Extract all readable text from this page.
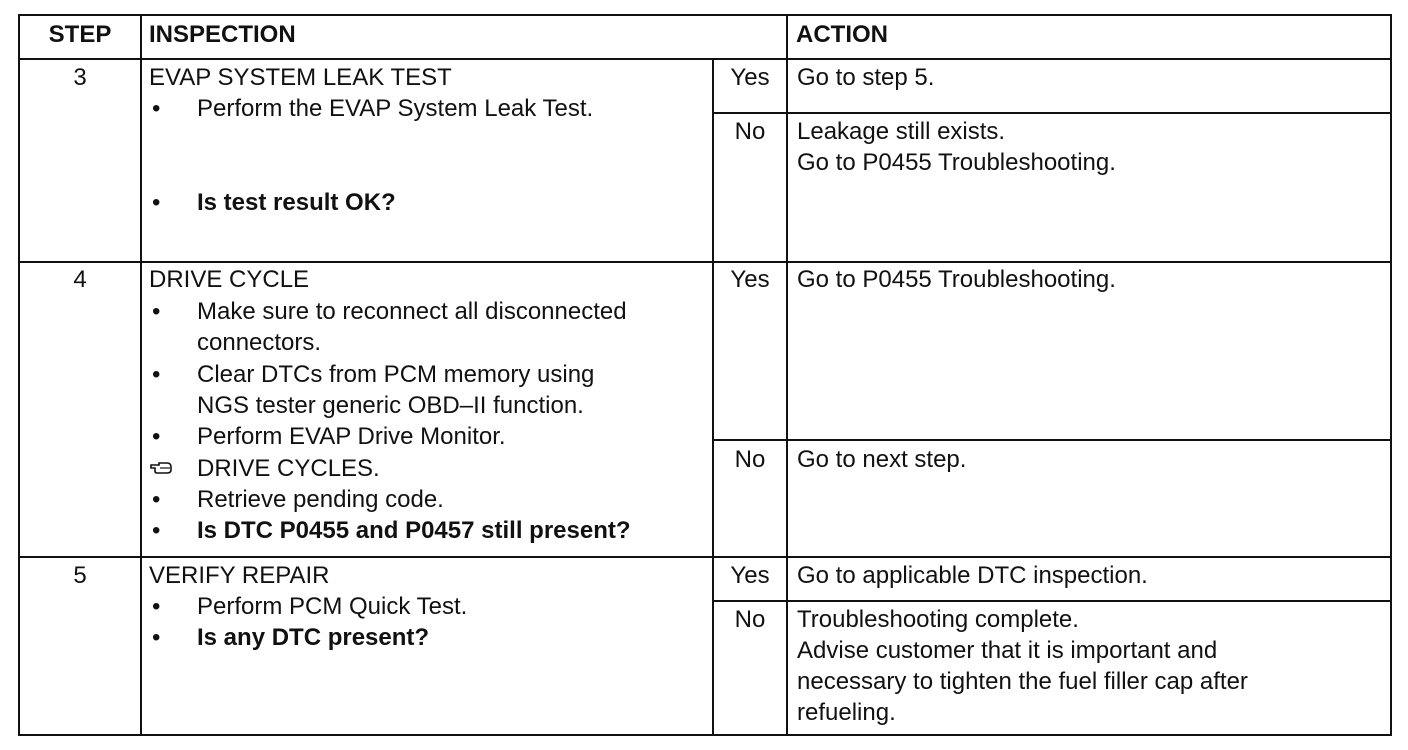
STEP	INSPECTION	ACTION
3	EVAP SYSTEM LEAK TEST
• Perform the EVAP System Leak Test.
• Is test result OK?
Yes	Go to step 5.
No	Leakage still exists.
Go to P0455 Troubleshooting.
4	DRIVE CYCLE
• Make sure to reconnect all disconnected
connectors.
• Clear DTCs from PCM memory using
NGS tester generic OBD–II function.
• Perform EVAP Drive Monitor.
DRIVE CYCLES.
• Retrieve pending code.
• Is DTC P0455 and P0457 still present?
Yes	Go to P0455 Troubleshooting.
No	Go to next step.
5	VERIFY REPAIR
• Perform PCM Quick Test.
• Is any DTC present?
Yes	Go to applicable DTC inspection.
No	Troubleshooting complete.
Advise customer that it is important and
necessary to tighten the fuel filler cap after
refueling.
